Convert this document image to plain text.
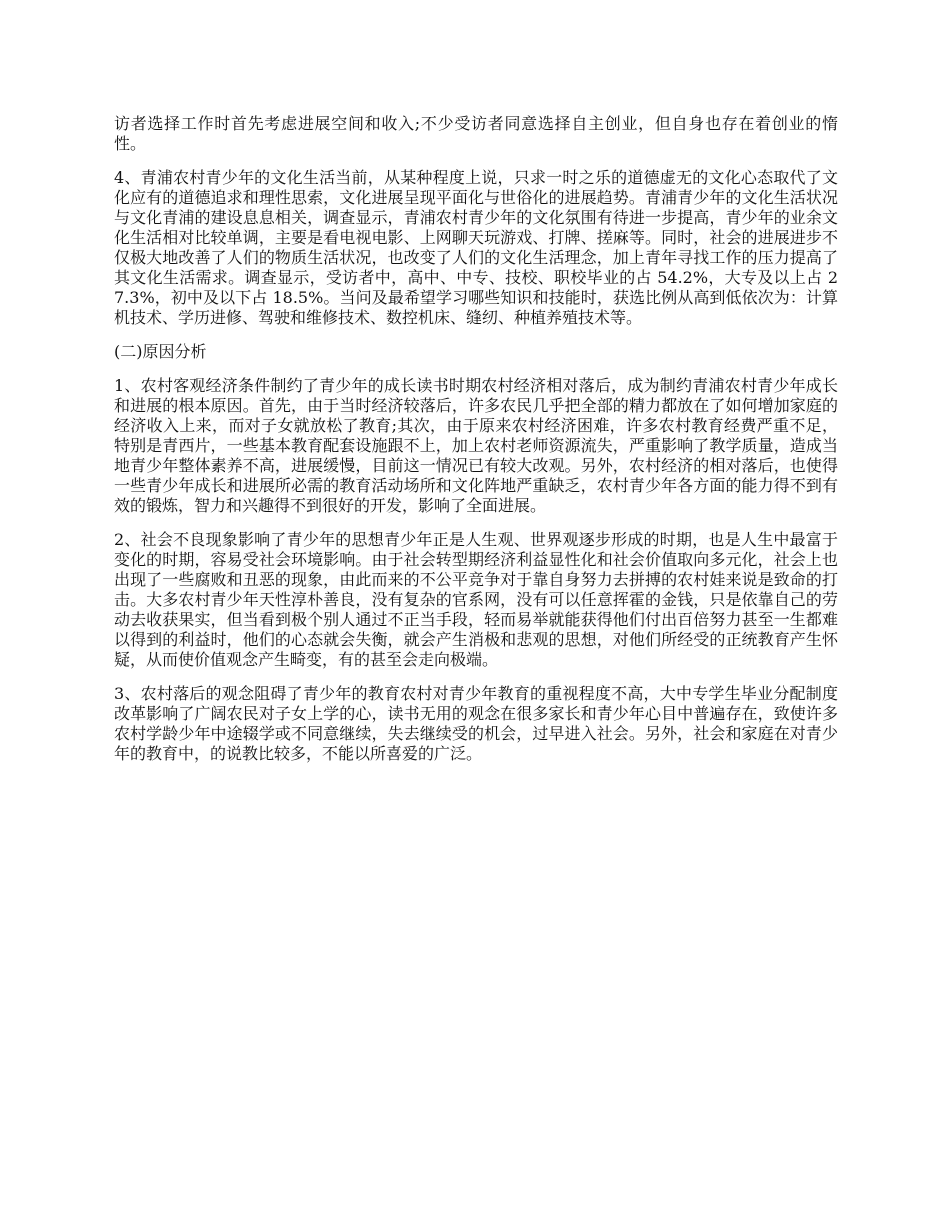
访者选择工作时首先考虑进展空间和收入;不少受访者同意选择自主创业，但自身也存在着创业的惰性。

4、青浦农村青少年的文化生活当前，从某种程度上说，只求一时之乐的道德虚无的文化心态取代了文化应有的道德追求和理性思索，文化进展呈现平面化与世俗化的进展趋势。青浦青少年的文化生活状况与文化青浦的建设息息相关，调查显示，青浦农村青少年的文化氛围有待进一步提高，青少年的业余文化生活相对比较单调，主要是看电视电影、上网聊天玩游戏、打牌、搓麻等。同时，社会的进展进步不仅极大地改善了人们的物质生活状况，也改变了人们的文化生活理念，加上青年寻找工作的压力提高了其文化生活需求。调查显示，受访者中，高中、中专、技校、职校毕业的占 54.2%，大专及以上占 27.3%，初中及以下占 18.5%。当问及最希望学习哪些知识和技能时，获选比例从高到低依次为：计算机技术、学历进修、驾驶和维修技术、数控机床、缝纫、种植养殖技术等。

(二)原因分析

1、农村客观经济条件制约了青少年的成长读书时期农村经济相对落后，成为制约青浦农村青少年成长和进展的根本原因。首先，由于当时经济较落后，许多农民几乎把全部的精力都放在了如何增加家庭的经济收入上来，而对子女就放松了教育;其次，由于原来农村经济困难，许多农村教育经费严重不足，特别是青西片，一些基本教育配套设施跟不上，加上农村老师资源流失，严重影响了教学质量，造成当地青少年整体素养不高，进展缓慢，目前这一情况已有较大改观。另外，农村经济的相对落后，也使得一些青少年成长和进展所必需的教育活动场所和文化阵地严重缺乏，农村青少年各方面的能力得不到有效的锻炼，智力和兴趣得不到很好的开发，影响了全面进展。

2、社会不良现象影响了青少年的思想青少年正是人生观、世界观逐步形成的时期，也是人生中最富于变化的时期，容易受社会环境影响。由于社会转型期经济利益显性化和社会价值取向多元化，社会上也出现了一些腐败和丑恶的现象，由此而来的不公平竞争对于靠自身努力去拼搏的农村娃来说是致命的打击。大多农村青少年天性淳朴善良，没有复杂的官系网，没有可以任意挥霍的金钱，只是依靠自己的劳动去收获果实，但当看到极个别人通过不正当手段，轻而易举就能获得他们付出百倍努力甚至一生都难以得到的利益时，他们的心态就会失衡，就会产生消极和悲观的思想，对他们所经受的正统教育产生怀疑，从而使价值观念产生畸变，有的甚至会走向极端。

3、农村落后的观念阻碍了青少年的教育农村对青少年教育的重视程度不高，大中专学生毕业分配制度改革影响了广阔农民对子女上学的心，读书无用的观念在很多家长和青少年心目中普遍存在，致使许多农村学龄少年中途辍学或不同意继续，失去继续受的机会，过早进入社会。另外，社会和家庭在对青少年的教育中，的说教比较多，不能以所喜爱的广泛。
